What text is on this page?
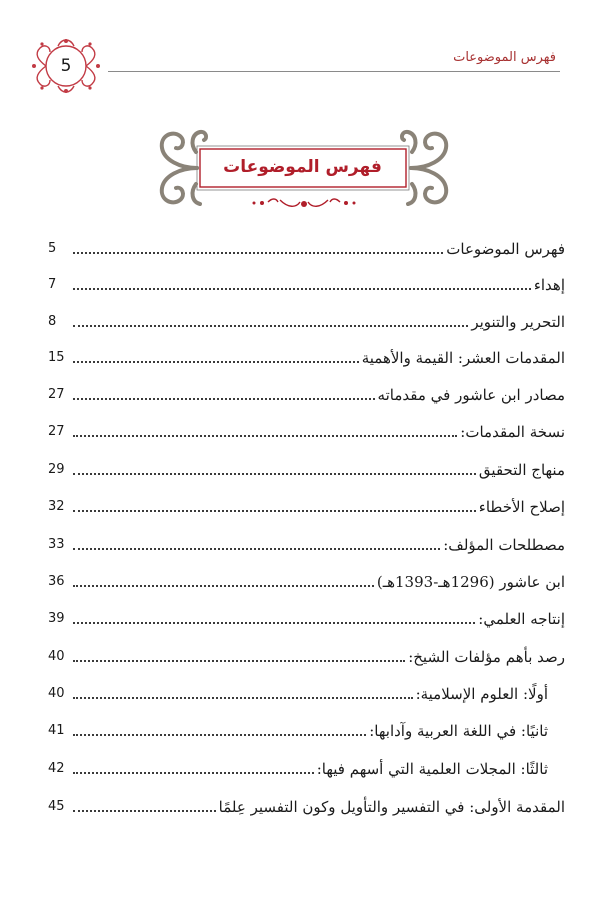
5	فهرس الموضوعات
فهرس الموضوعات
5	فهرس الموضوعات
7	إهداء
8	التحرير والتنوير
15	المقدمات العشر: القيمة والأهمية
27	مصادر ابن عاشور في مقدماته
27	نسخة المقدمات:
29	منهاج التحقيق
32	إصلاح الأخطاء
33	مصطلحات المؤلف:
36	ابن عاشور (1296هـ-1393هـ)
39	إنتاجه العلمي:
40	رصد بأهم مؤلفات الشيخ:
40	أولًا: العلوم الإسلامية:
41	ثانيًا: في اللغة العربية وآدابها:
42	ثالثًا: المجلات العلمية التي أسهم فيها:
45	المقدمة الأولى: في التفسير والتأويل وكون التفسير عِلمًا
